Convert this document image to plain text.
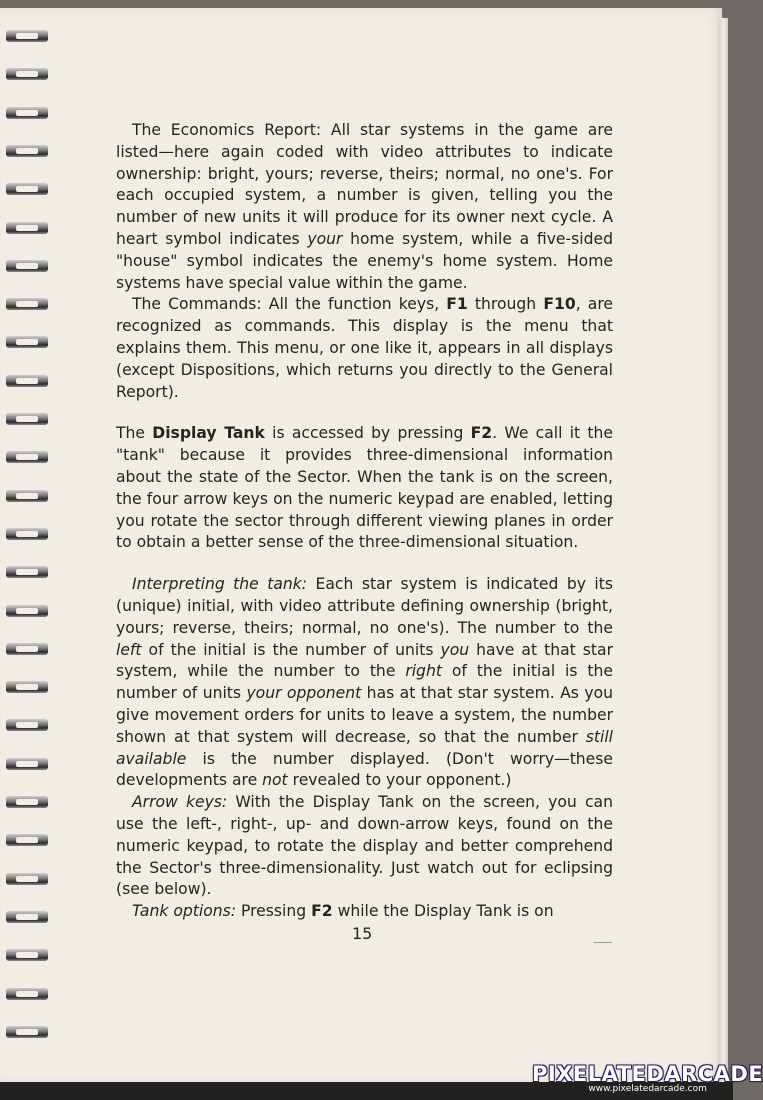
The Economics Report: All star systems in the game are listed—here again coded with video attributes to indicate ownership: bright, yours; reverse, theirs; normal, no one's. For each occupied system, a number is given, telling you the number of new units it will produce for its owner next cycle. A heart symbol indicates your home system, while a five-sided "house" symbol indicates the enemy's home system. Home systems have special value within the game.

The Commands: All the function keys, F1 through F10, are recognized as commands. This display is the menu that explains them. This menu, or one like it, appears in all displays (except Dispositions, which returns you directly to the General Report).

The Display Tank is accessed by pressing F2. We call it the "tank" because it provides three-dimensional information about the state of the Sector. When the tank is on the screen, the four arrow keys on the numeric keypad are enabled, letting you rotate the sector through different viewing planes in order to obtain a better sense of the three-dimensional situation.

Interpreting the tank: Each star system is indicated by its (unique) initial, with video attribute defining ownership (bright, yours; reverse, theirs; normal, no one's). The number to the left of the initial is the number of units you have at that star system, while the number to the right of the initial is the number of units your opponent has at that star system. As you give movement orders for units to leave a system, the number shown at that system will decrease, so that the number still available is the number displayed. (Don't worry—these developments are not revealed to your opponent.)

Arrow keys: With the Display Tank on the screen, you can use the left-, right-, up- and down-arrow keys, found on the numeric keypad, to rotate the display and better comprehend the Sector's three-dimensionality. Just watch out for eclipsing (see below).

Tank options: Pressing F2 while the Display Tank is on

15
PIXELATEDARCADE
www.pixelatedarcade.com
